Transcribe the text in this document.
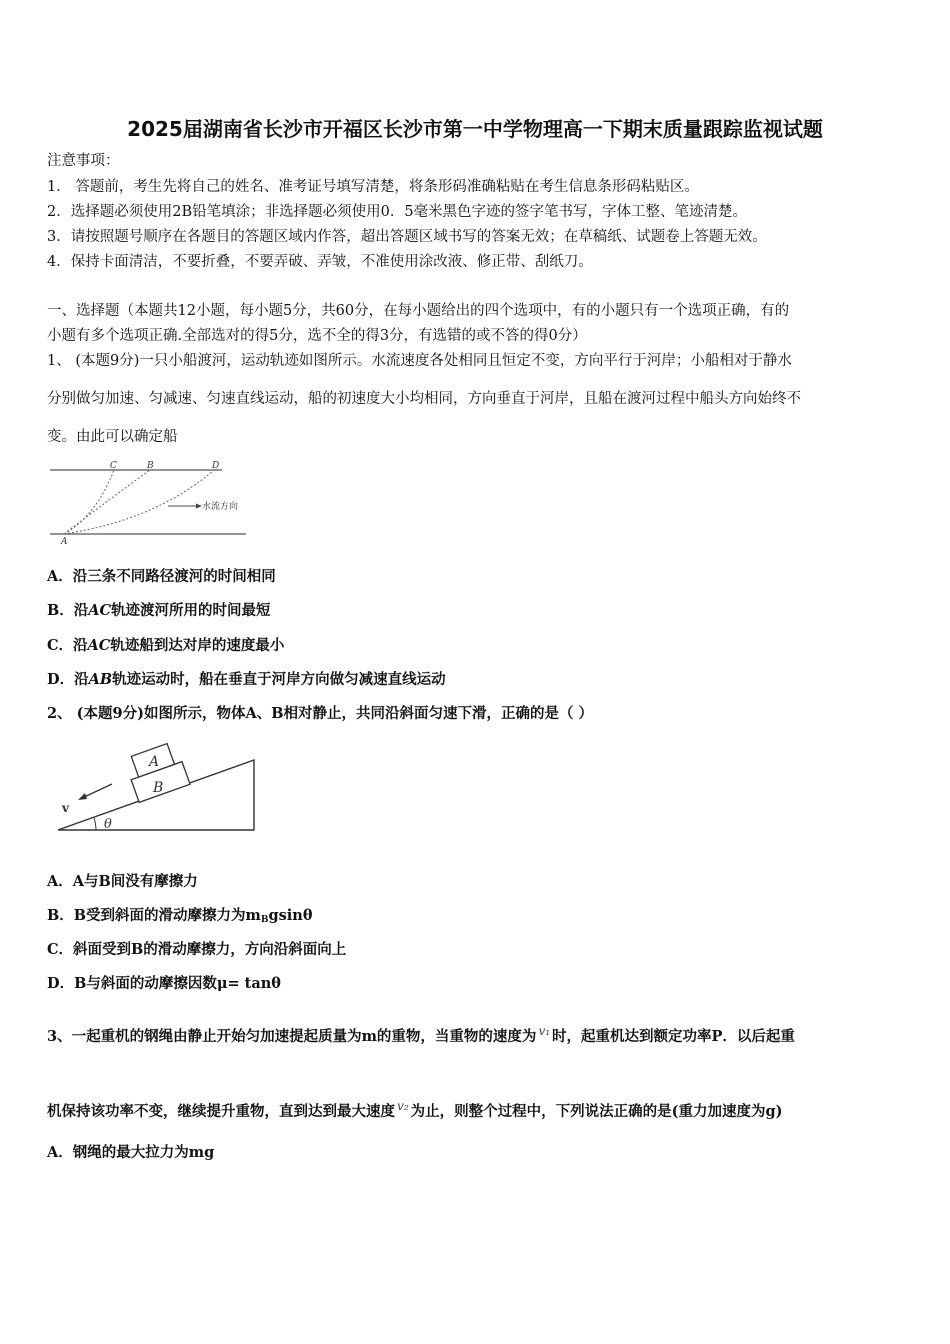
2025届湖南省长沙市开福区长沙市第一中学物理高一下期末质量跟踪监视试题
注意事项：
1． 答题前，考生先将自己的姓名、准考证号填写清楚，将条形码准确粘贴在考生信息条形码粘贴区。
2．选择题必须使用2B铅笔填涂；非选择题必须使用0．5毫米黑色字迹的签字笔书写，字体工整、笔迹清楚。
3．请按照题号顺序在各题目的答题区域内作答，超出答题区域书写的答案无效；在草稿纸、试题卷上答题无效。
4．保持卡面清洁，不要折叠，不要弄破、弄皱，不准使用涂改液、修正带、刮纸刀。
一、选择题（本题共12小题，每小题5分，共60分，在每小题给出的四个选项中，有的小题只有一个选项正确，有的
小题有多个选项正确.全部选对的得5分，选不全的得3分，有选错的或不答的得0分）
1、 (本题9分)一只小船渡河，运动轨迹如图所示。水流速度各处相同且恒定不变，方向平行于河岸；小船相对于静水
分别做匀加速、匀减速、匀速直线运动，船的初速度大小均相同，方向垂直于河岸，且船在渡河过程中船头方向始终不
变。由此可以确定船
C	B	D
A
水流方向
A．沿三条不同路径渡河的时间相同
B．沿AC轨迹渡河所用的时间最短
C．沿AC轨迹船到达对岸的速度最小
D．沿AB轨迹运动时，船在垂直于河岸方向做匀减速直线运动
2、 (本题9分)如图所示，物体A、B相对静止，共同沿斜面匀速下滑，正确的是（ ）
A
B
v
θ
A．A与B间没有摩擦力
B．B受到斜面的滑动摩擦力为$m_Bgsin\theta$
C．斜面受到B的滑动摩擦力，方向沿斜面向上
D．B与斜面的动摩擦因数μ= tanθ
3、一起重机的钢绳由静止开始匀加速提起质量为m的重物，当重物的速度为 $^{v_1}$ 时，起重机达到额定功率P．以后起重
机保持该功率不变，继续提升重物，直到达到最大速度 $^{v_2}$ 为止，则整个过程中，下列说法正确的是(重力加速度为g)
A．钢绳的最大拉力为mg
